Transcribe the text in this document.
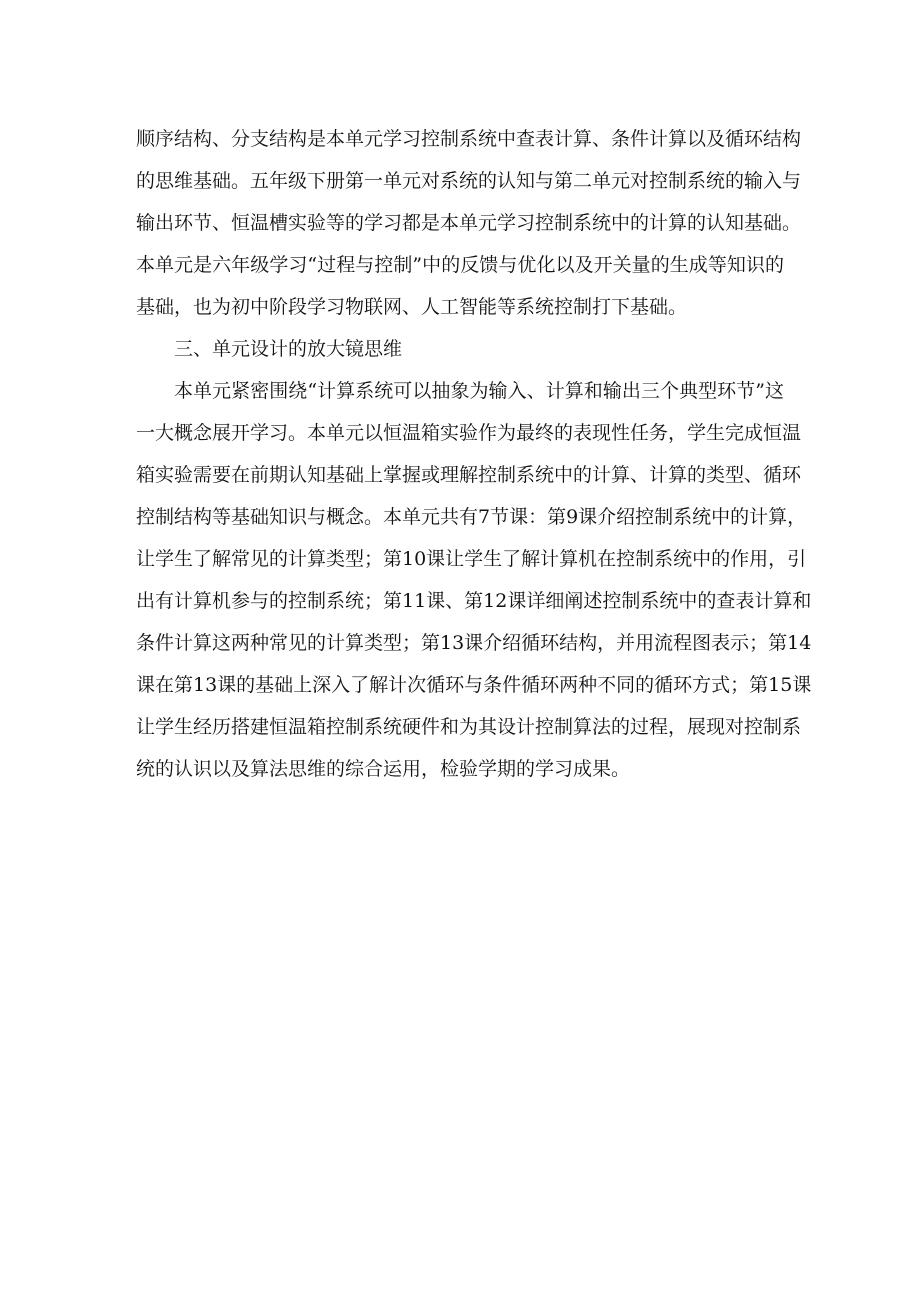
顺序结构、分支结构是本单元学习控制系统中查表计算、条件计算以及循环结构
的思维基础。五年级下册第一单元对系统的认知与第二单元对控制系统的输入与
输出环节、恒温槽实验等的学习都是本单元学习控制系统中的计算的认知基础。
本单元是六年级学习“过程与控制”中的反馈与优化以及开关量的生成等知识的
基础，也为初中阶段学习物联网、人工智能等系统控制打下基础。
三、单元设计的放大镜思维
本单元紧密围绕“计算系统可以抽象为输入、计算和输出三个典型环节”这
一大概念展开学习。本单元以恒温箱实验作为最终的表现性任务，学生完成恒温
箱实验需要在前期认知基础上掌握或理解控制系统中的计算、计算的类型、循环
控制结构等基础知识与概念。本单元共有7节课：第9课介绍控制系统中的计算，
让学生了解常见的计算类型；第10课让学生了解计算机在控制系统中的作用，引
出有计算机参与的控制系统；第11课、第12课详细阐述控制系统中的查表计算和
条件计算这两种常见的计算类型；第13课介绍循环结构，并用流程图表示；第14
课在第13课的基础上深入了解计次循环与条件循环两种不同的循环方式；第15课
让学生经历搭建恒温箱控制系统硬件和为其设计控制算法的过程，展现对控制系
统的认识以及算法思维的综合运用，检验学期的学习成果。
